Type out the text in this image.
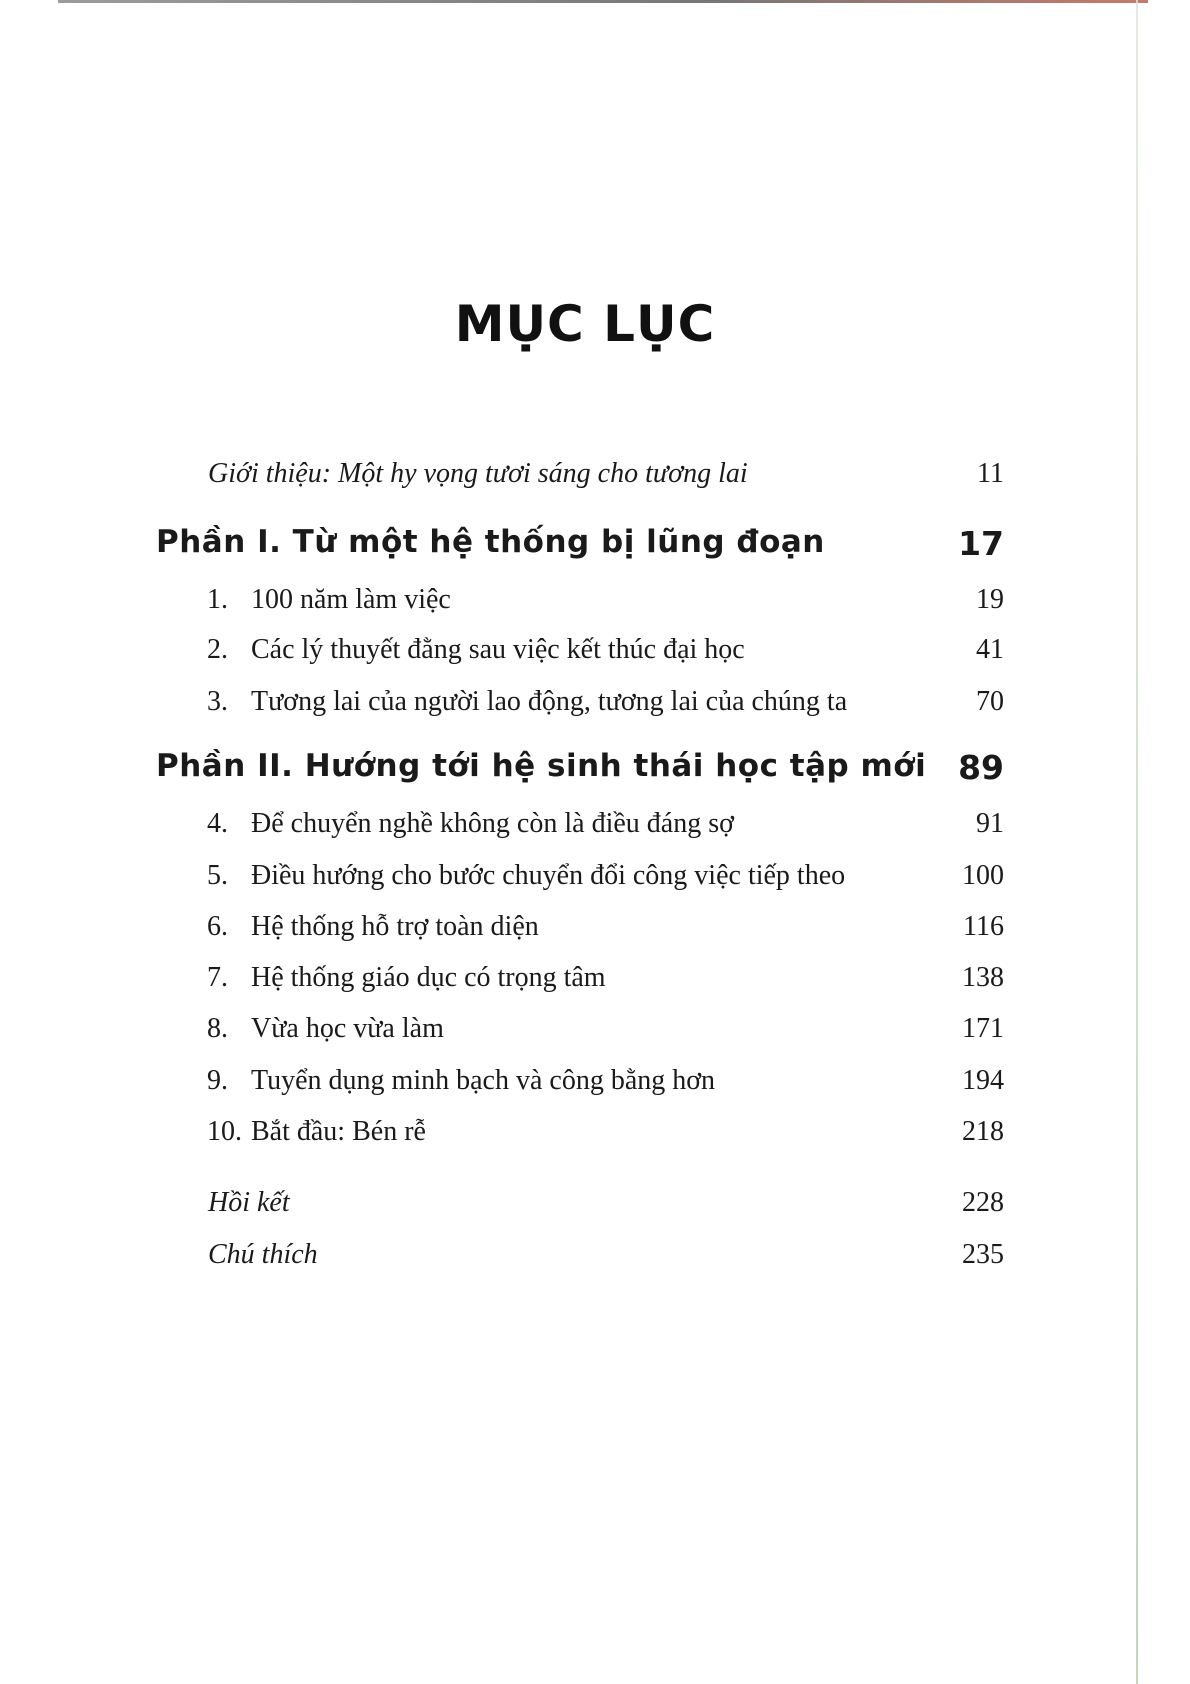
MỤC LỤC
Giới thiệu: Một hy vọng tươi sáng cho tương lai	11
Phần I. Từ một hệ thống bị lũng đoạn	17
1. 100 năm làm việc	19
2. Các lý thuyết đằng sau việc kết thúc đại học	41
3. Tương lai của người lao động, tương lai của chúng ta	70
Phần II. Hướng tới hệ sinh thái học tập mới 89
4. Để chuyển nghề không còn là điều đáng sợ	91
5. Điều hướng cho bước chuyển đổi công việc tiếp theo	100
6. Hệ thống hỗ trợ toàn diện	116
7. Hệ thống giáo dục có trọng tâm	138
8. Vừa học vừa làm	171
9. Tuyển dụng minh bạch và công bằng hơn	194
10. Bắt đầu: Bén rễ	218
Hồi kết	228
Chú thích	235
